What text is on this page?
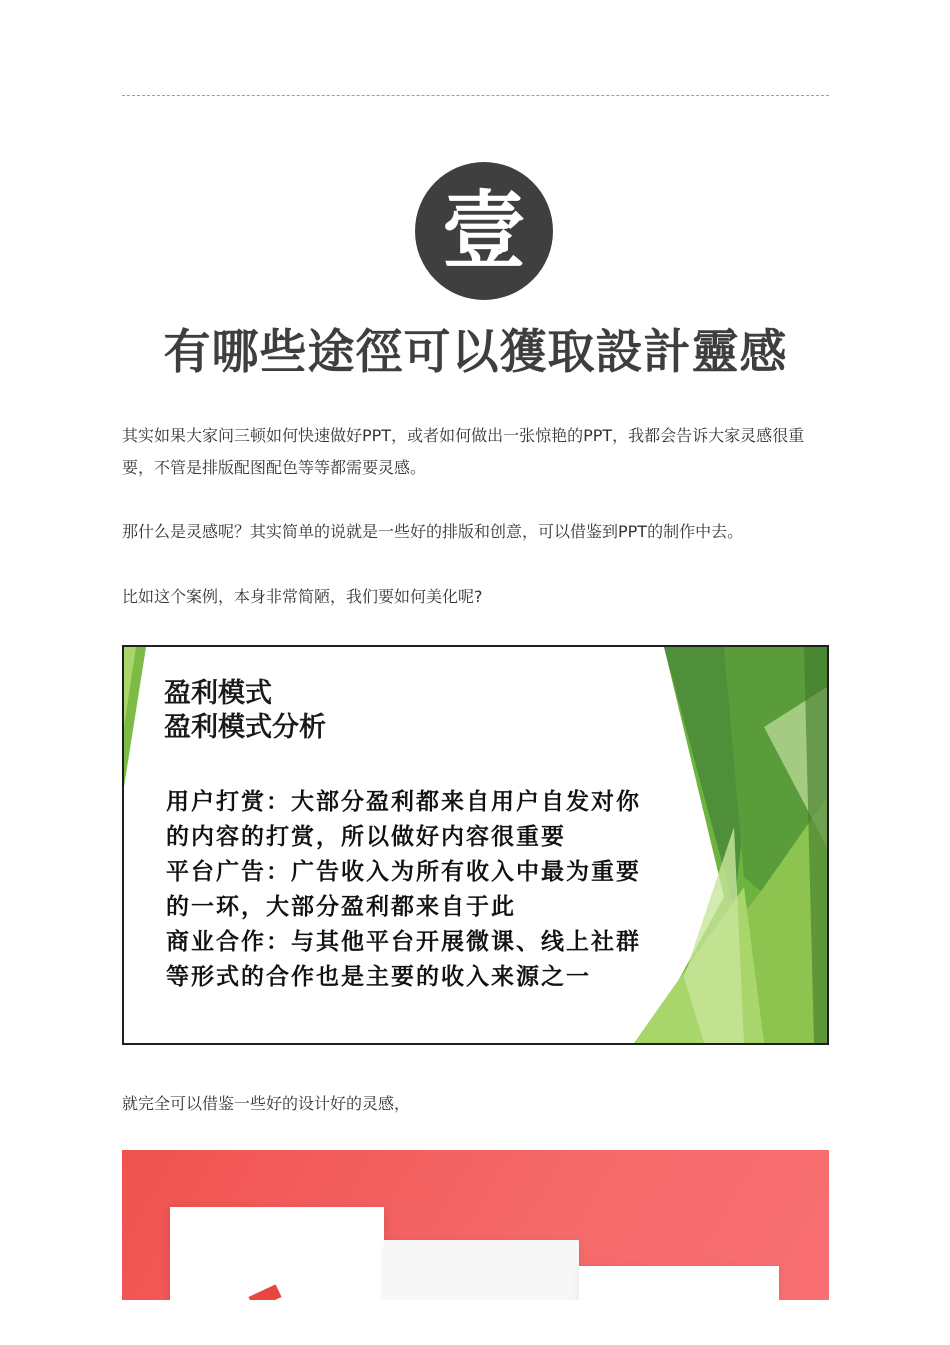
壹
有哪些途徑可以獲取設計靈感

其实如果大家问三顿如何快速做好PPT，或者如何做出一张惊艳的PPT，我都会告诉大家灵感很重要，不管是排版配图配色等等都需要灵感。

那什么是灵感呢？其实简单的说就是一些好的排版和创意，可以借鉴到PPT的制作中去。

比如这个案例，本身非常简陋，我们要如何美化呢?

盈利模式
盈利模式分析
用户打赏：大部分盈利都来自用户自发对你
的内容的打赏，所以做好内容很重要
平台广告：广告收入为所有收入中最为重要
的一环，大部分盈利都来自于此
商业合作：与其他平台开展微课、线上社群
等形式的合作也是主要的收入来源之一

就完全可以借鉴一些好的设计好的灵感，
